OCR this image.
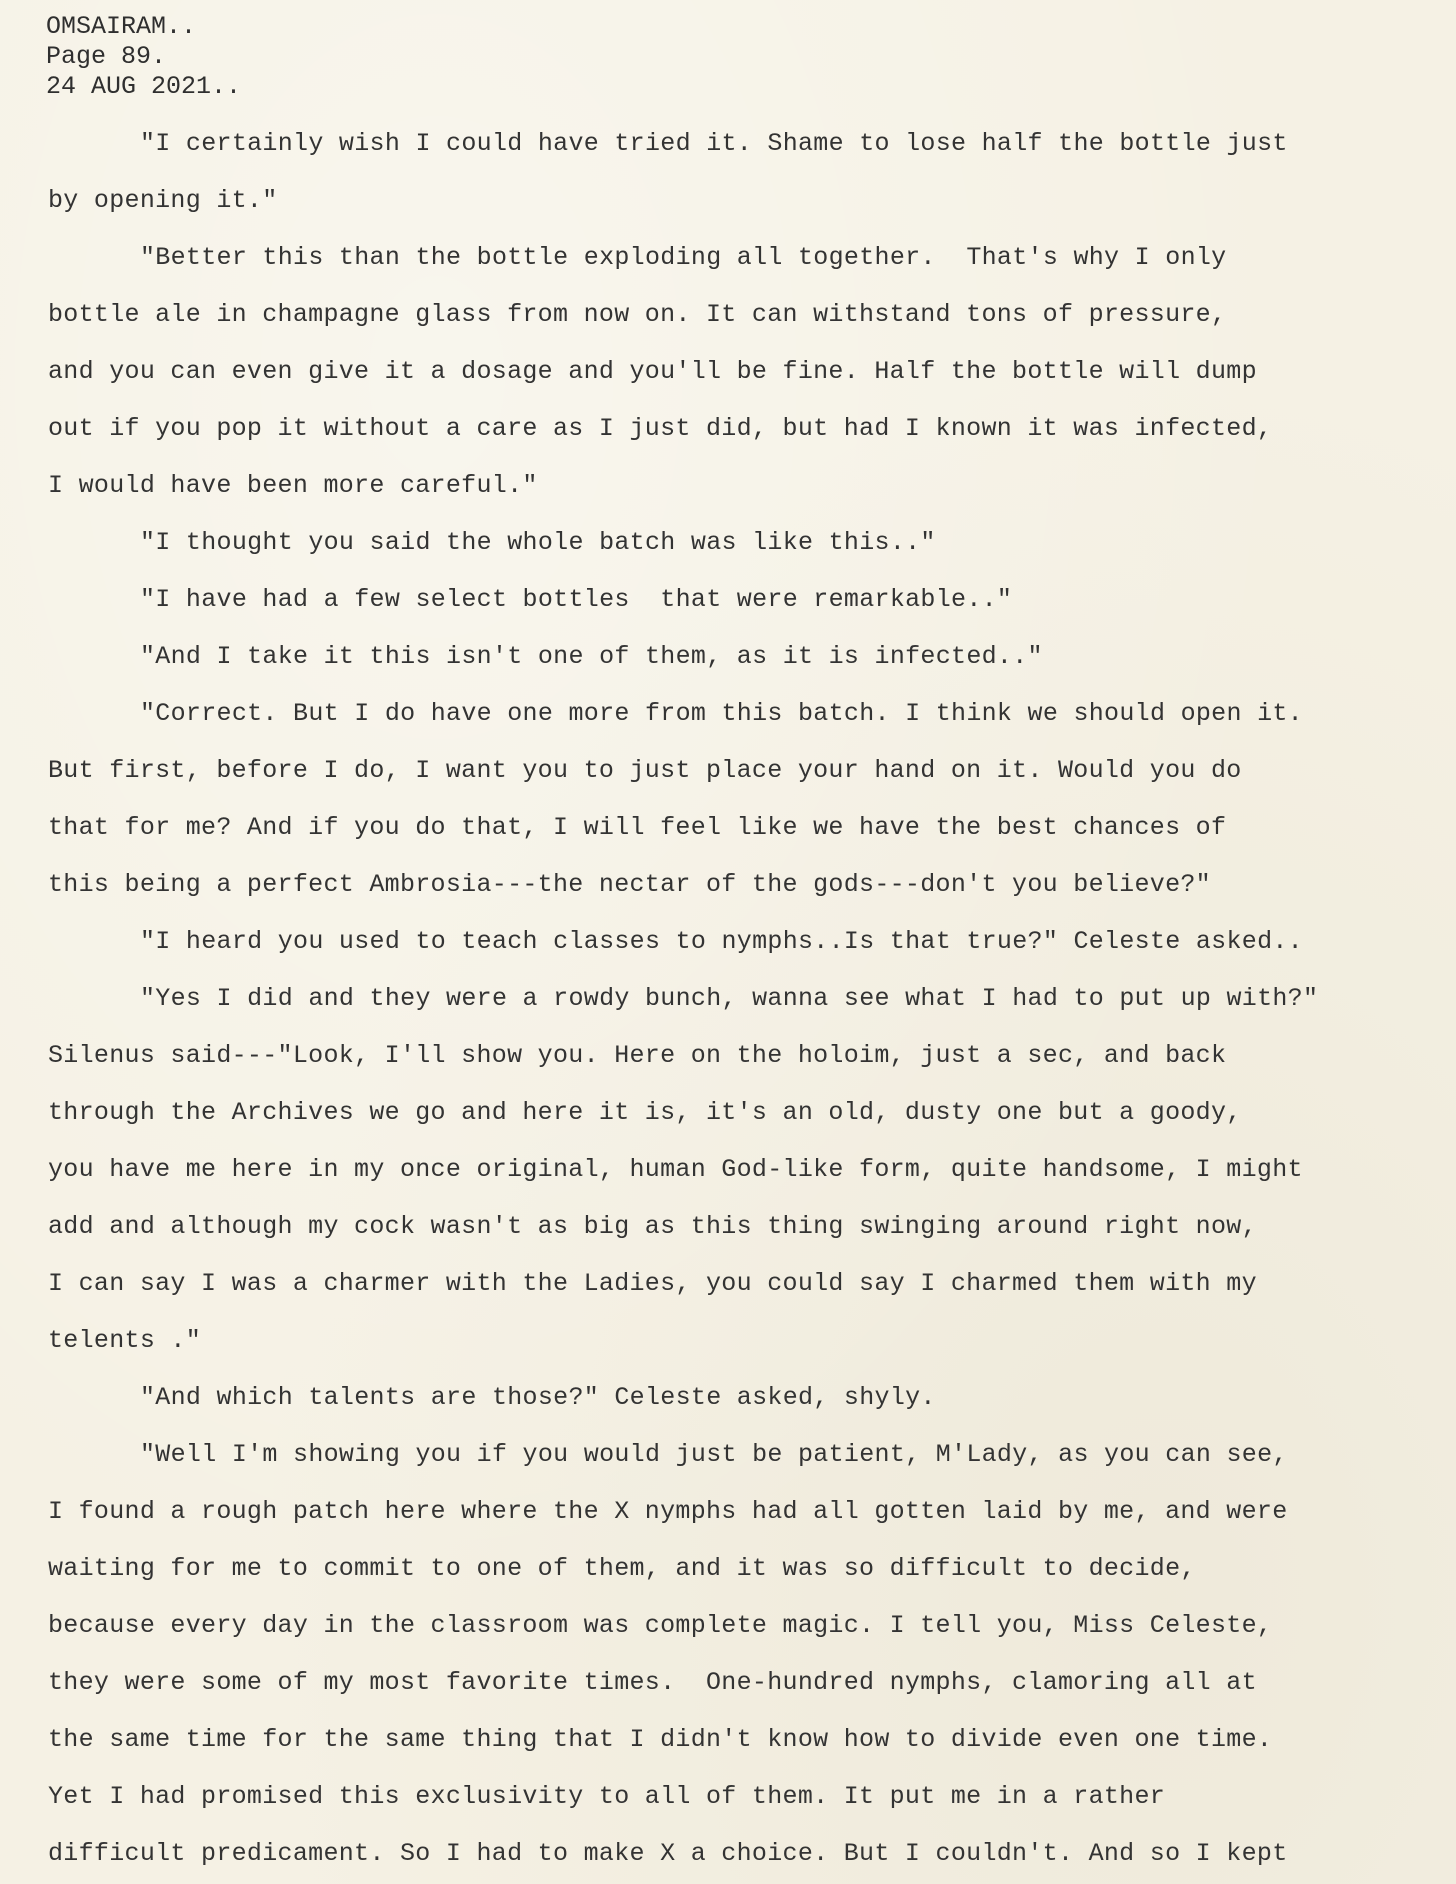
OMSAIRAM..
Page 89.
24 AUG 2021..
"I certainly wish I could have tried it. Shame to lose half the bottle just
by opening it."
"Better this than the bottle exploding all together.  That's why I only
bottle ale in champagne glass from now on. It can withstand tons of pressure,
and you can even give it a dosage and you'll be fine. Half the bottle will dump
out if you pop it without a care as I just did, but had I known it was infected,
I would have been more careful."
"I thought you said the whole batch was like this.."
"I have had a few select bottles  that were remarkable.."
"And I take it this isn't one of them, as it is infected.."
"Correct. But I do have one more from this batch. I think we should open it.
But first, before I do, I want you to just place your hand on it. Would you do
that for me? And if you do that, I will feel like we have the best chances of
this being a perfect Ambrosia---the nectar of the gods---don't you believe?"
"I heard you used to teach classes to nymphs..Is that true?" Celeste asked..
"Yes I did and they were a rowdy bunch, wanna see what I had to put up with?"
Silenus said---"Look, I'll show you. Here on the holoim, just a sec, and back
through the Archives we go and here it is, it's an old, dusty one but a goody,
you have me here in my once original, human God-like form, quite handsome, I might
add and although my cock wasn't as big as this thing swinging around right now,
I can say I was a charmer with the Ladies, you could say I charmed them with my
telents ."
"And which talents are those?" Celeste asked, shyly.
"Well I'm showing you if you would just be patient, M'Lady, as you can see,
I found a rough patch here where the X nymphs had all gotten laid by me, and were
waiting for me to commit to one of them, and it was so difficult to decide,
because every day in the classroom was complete magic. I tell you, Miss Celeste,
they were some of my most favorite times.  One-hundred nymphs, clamoring all at
the same time for the same thing that I didn't know how to divide even one time.
Yet I had promised this exclusivity to all of them. It put me in a rather
difficult predicament. So I had to make X a choice. But I couldn't. And so I kept
